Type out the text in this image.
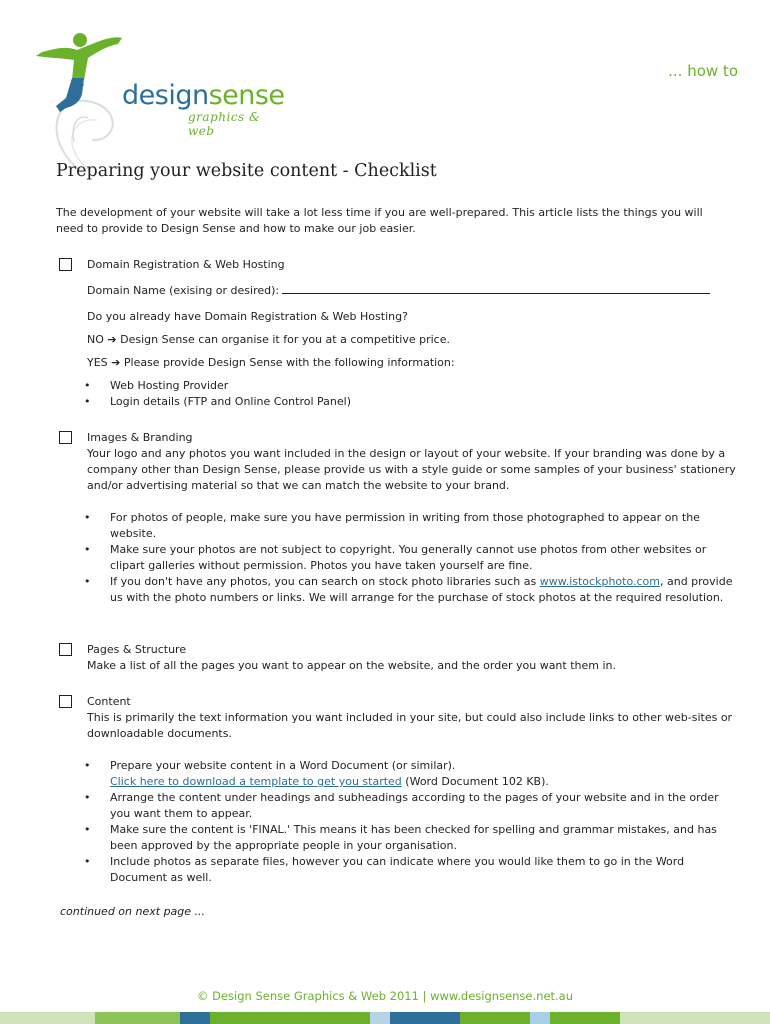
designsense
graphics & web
... how to
Preparing your website content - Checklist

The development of your website will take a lot less time if you are well-prepared. This article lists the things you will need to provide to Design Sense and how to make our job easier.

Domain Registration & Web Hosting
Domain Name (exising or desired):
Do you already have Domain Registration & Web Hosting?
NO ➔ Design Sense can organise it for you at a competitive price.
YES ➔ Please provide Design Sense with the following information:
• Web Hosting Provider
• Login details (FTP and Online Control Panel)
Images & Branding
Your logo and any photos you want included in the design or layout of your website. If your branding was done by a company other than Design Sense, please provide us with a style guide or some samples of your business' stationery and/or advertising material so that we can match the website to your brand.
• For photos of people, make sure you have permission in writing from those photographed to appear on the website.
• Make sure your photos are not subject to copyright. You generally cannot use photos from other websites or clipart galleries without permission. Photos you have taken yourself are fine.
• If you don't have any photos, you can search on stock photo libraries such as www.istockphoto.com, and provide us with the photo numbers or links. We will arrange for the purchase of stock photos at the required resolution.
Pages & Structure
Make a list of all the pages you want to appear on the website, and the order you want them in.
Content
This is primarily the text information you want included in your site, but could also include links to other web-sites or downloadable documents.
• Prepare your website content in a Word Document (or similar).
Click here to download a template to get you started (Word Document 102 KB).
• Arrange the content under headings and subheadings according to the pages of your website and in the order you want them to appear.
• Make sure the content is 'FINAL.' This means it has been checked for spelling and grammar mistakes, and has been approved by the appropriate people in your organisation.
• Include photos as separate files, however you can indicate where you would like them to go in the Word Document as well.
continued on next page ...
© Design Sense Graphics & Web 2011 | www.designsense.net.au
